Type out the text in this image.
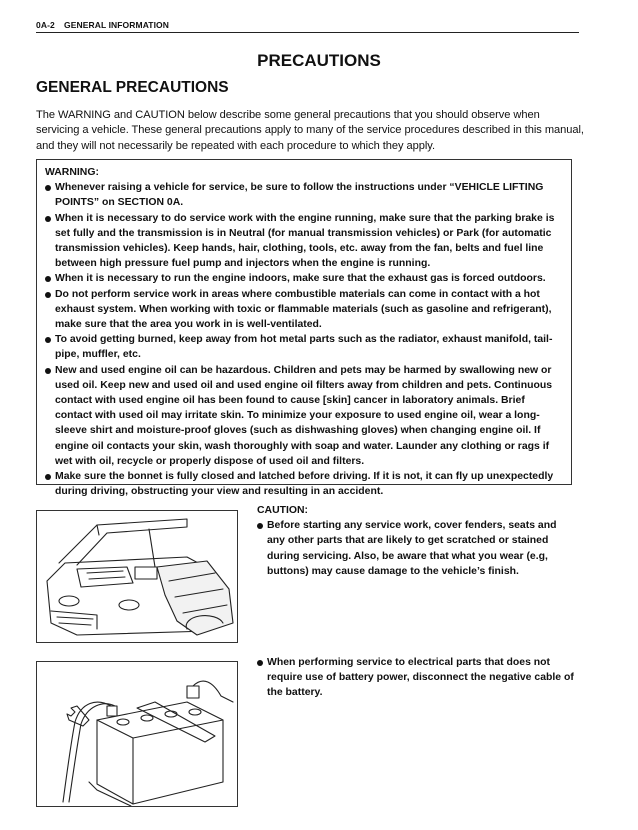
0A-2 GENERAL INFORMATION
PRECAUTIONS
GENERAL PRECAUTIONS

The WARNING and CAUTION below describe some general precautions that you should observe when servicing a vehicle. These general precautions apply to many of the service procedures described in this manual, and they will not necessarily be repeated with each procedure to which they apply.

WARNING:

Whenever raising a vehicle for service, be sure to follow the instructions under “VEHICLE LIFTING POINTS” on SECTION 0A.
When it is necessary to do service work with the engine running, make sure that the parking brake is set fully and the transmission is in Neutral (for manual transmission vehicles) or Park (for automatic transmission vehicles). Keep hands, hair, clothing, tools, etc. away from the fan, belts and fuel line between high pressure fuel pump and injectors when the engine is running.
When it is necessary to run the engine indoors, make sure that the exhaust gas is forced outdoors.
Do not perform service work in areas where combustible materials can come in contact with a hot exhaust system. When working with toxic or flammable materials (such as gasoline and refrigerant), make sure that the area you work in is well-ventilated.
To avoid getting burned, keep away from hot metal parts such as the radiator, exhaust manifold, tail-pipe, muffler, etc.
New and used engine oil can be hazardous. Children and pets may be harmed by swallowing new or used oil. Keep new and used oil and used engine oil filters away from children and pets. Continuous contact with used engine oil has been found to cause [skin] cancer in laboratory animals. Brief contact with used oil may irritate skin. To minimize your exposure to used engine oil, wear a long-sleeve shirt and moisture-proof gloves (such as dishwashing gloves) when changing engine oil. If engine oil contacts your skin, wash thoroughly with soap and water. Launder any clothing or rags if wet with oil, recycle or properly dispose of used oil and filters.
Make sure the bonnet is fully closed and latched before driving. If it is not, it can fly up unexpectedly during driving, obstructing your view and resulting in an accident.

CAUTION:

Before starting any service work, cover fenders, seats and any other parts that are likely to get scratched or stained during servicing. Also, be aware that what you wear (e.g, buttons) may cause damage to the vehicle’s finish.
When performing service to electrical parts that does not require use of battery power, disconnect the negative cable of the battery.
